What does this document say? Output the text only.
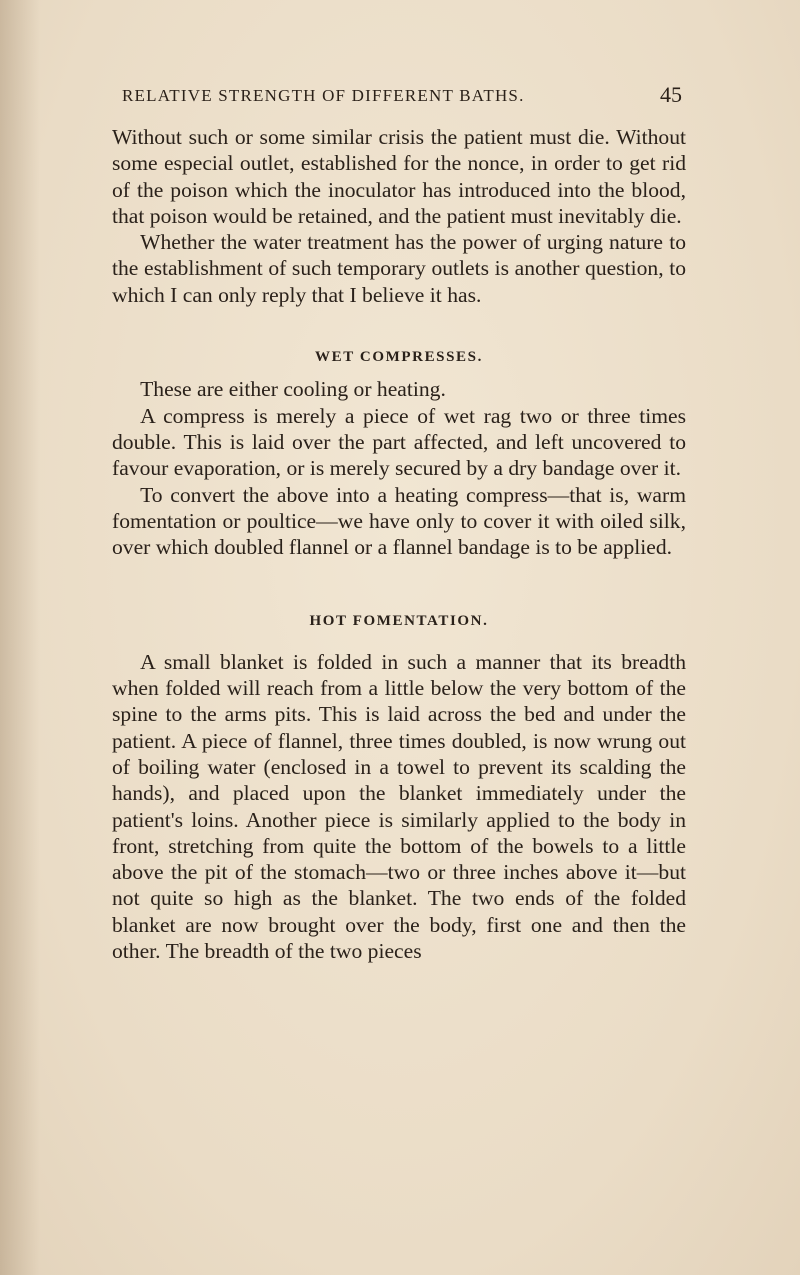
RELATIVE STRENGTH OF DIFFERENT BATHS.	45

Without such or some similar crisis the patient must die. Without some especial outlet, established for the nonce, in order to get rid of the poison which the inoculator has introduced into the blood, that poison would be retained, and the patient must inevitably die.

Whether the water treatment has the power of urging nature to the establishment of such temporary outlets is another question, to which I can only reply that I believe it has.

WET COMPRESSES.

These are either cooling or heating.

A compress is merely a piece of wet rag two or three times double. This is laid over the part affected, and left uncovered to favour evaporation, or is merely secured by a dry bandage over it.

To convert the above into a heating compress—that is, warm fomentation or poultice—we have only to cover it with oiled silk, over which doubled flannel or a flannel bandage is to be applied.

HOT FOMENTATION.

A small blanket is folded in such a manner that its breadth when folded will reach from a little below the very bottom of the spine to the arms pits. This is laid across the bed and under the patient. A piece of flannel, three times doubled, is now wrung out of boiling water (enclosed in a towel to prevent its scalding the hands), and placed upon the blanket immediately under the patient's loins. Another piece is similarly applied to the body in front, stretching from quite the bottom of the bowels to a little above the pit of the stomach—two or three inches above it—but not quite so high as the blanket. The two ends of the folded blanket are now brought over the body, first one and then the other. The breadth of the two pieces
